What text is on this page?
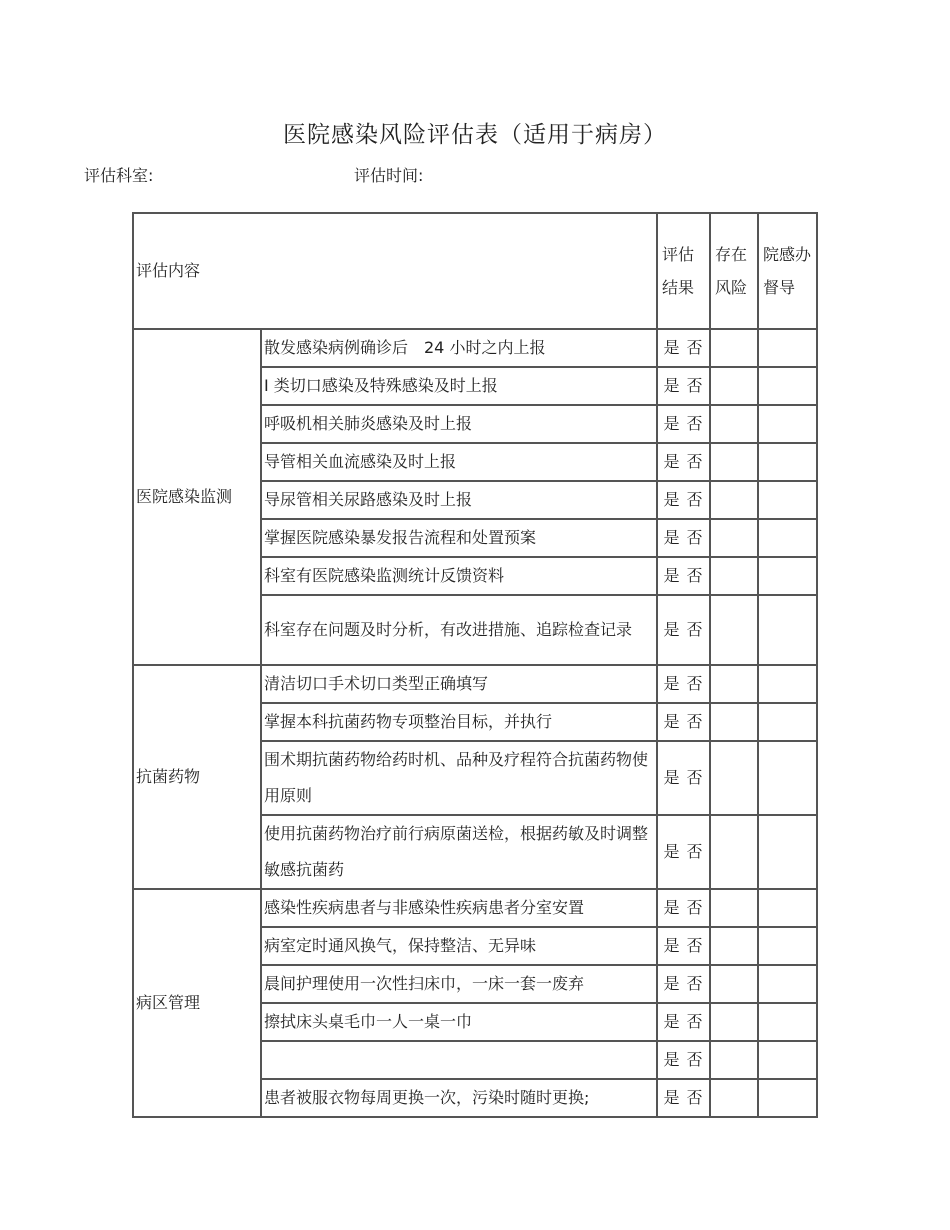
医院感染风险评估表（适用于病房）
评估科室:	评估时间:
评估内容		评估结果	存在风险	院感办督导
医院感染监测	散发感染病例确诊后　24 小时之内上报	是 否		
	Ⅰ 类切口感染及特殊感染及时上报	是 否		
	呼吸机相关肺炎感染及时上报	是 否		
	导管相关血流感染及时上报	是 否		
	导尿管相关尿路感染及时上报	是 否		
	掌握医院感染暴发报告流程和处置预案	是 否		
	科室有医院感染监测统计反馈资料	是 否		
	科室存在问题及时分析，有改进措施、追踪检查记录	是 否		
抗菌药物	清洁切口手术切口类型正确填写	是 否		
	掌握本科抗菌药物专项整治目标，并执行	是 否		
	围术期抗菌药物给药时机、品种及疗程符合抗菌药物使用原则	是 否		
	使用抗菌药物治疗前行病原菌送检，根据药敏及时调整敏感抗菌药	是 否		
病区管理	感染性疾病患者与非感染性疾病患者分室安置	是 否		
	病室定时通风换气，保持整洁、无异味	是 否		
	晨间护理使用一次性扫床巾，一床一套一废弃	是 否		
	擦拭床头桌毛巾一人一桌一巾	是 否		
		是 否		
	患者被服衣物每周更换一次，污染时随时更换;	是 否		
